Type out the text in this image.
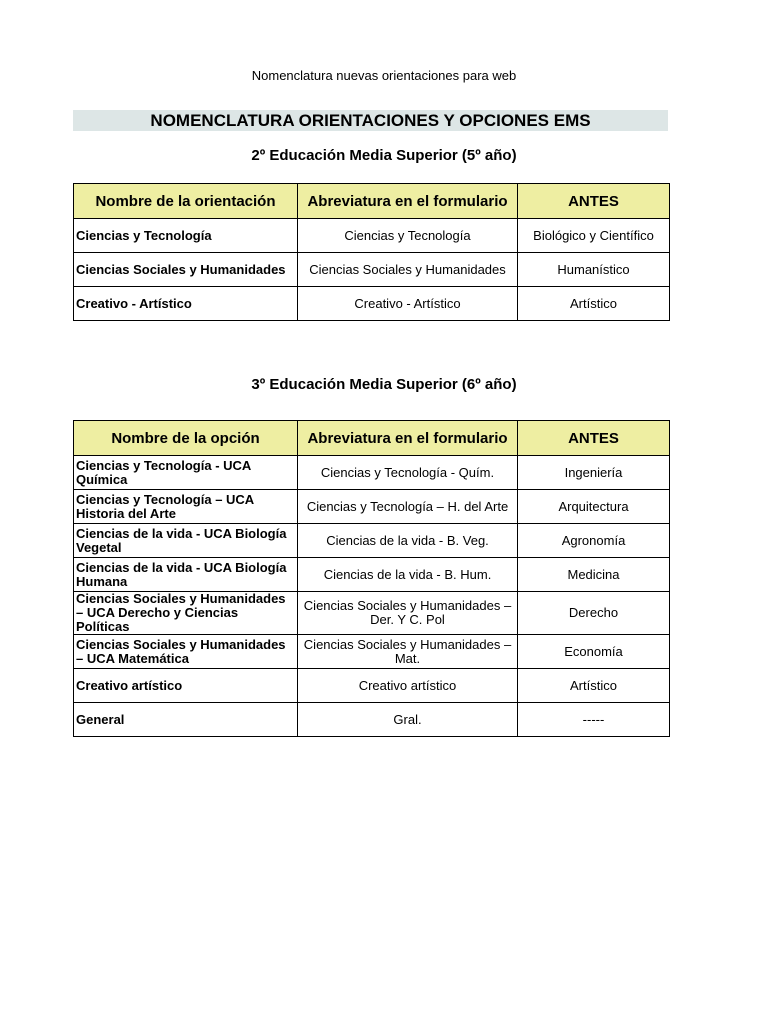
Nomenclatura nuevas orientaciones para web
NOMENCLATURA ORIENTACIONES Y OPCIONES EMS
2º Educación Media Superior (5º año)
Nombre de la orientación	Abreviatura en el formulario	ANTES
Ciencias y Tecnología	Ciencias y Tecnología	Biológico y Científico
Ciencias Sociales y Humanidades	Ciencias Sociales y Humanidades	Humanístico
Creativo - Artístico	Creativo - Artístico	Artístico
3º Educación Media Superior (6º año)
Nombre de la opción	Abreviatura en el formulario	ANTES
Ciencias y Tecnología - UCA Química	Ciencias y Tecnología - Quím.	Ingeniería
Ciencias y Tecnología – UCA Historia del Arte	Ciencias y Tecnología – H. del Arte	Arquitectura
Ciencias de la vida - UCA Biología Vegetal	Ciencias de la vida - B. Veg.	Agronomía
Ciencias de la vida - UCA Biología Humana	Ciencias de la vida - B. Hum.	Medicina
Ciencias Sociales y Humanidades – UCA Derecho y Ciencias Políticas	Ciencias Sociales y Humanidades – Der. Y C. Pol	Derecho
Ciencias Sociales y Humanidades – UCA Matemática	Ciencias Sociales y Humanidades – Mat.	Economía
Creativo artístico	Creativo artístico	Artístico
General	Gral.	-----
